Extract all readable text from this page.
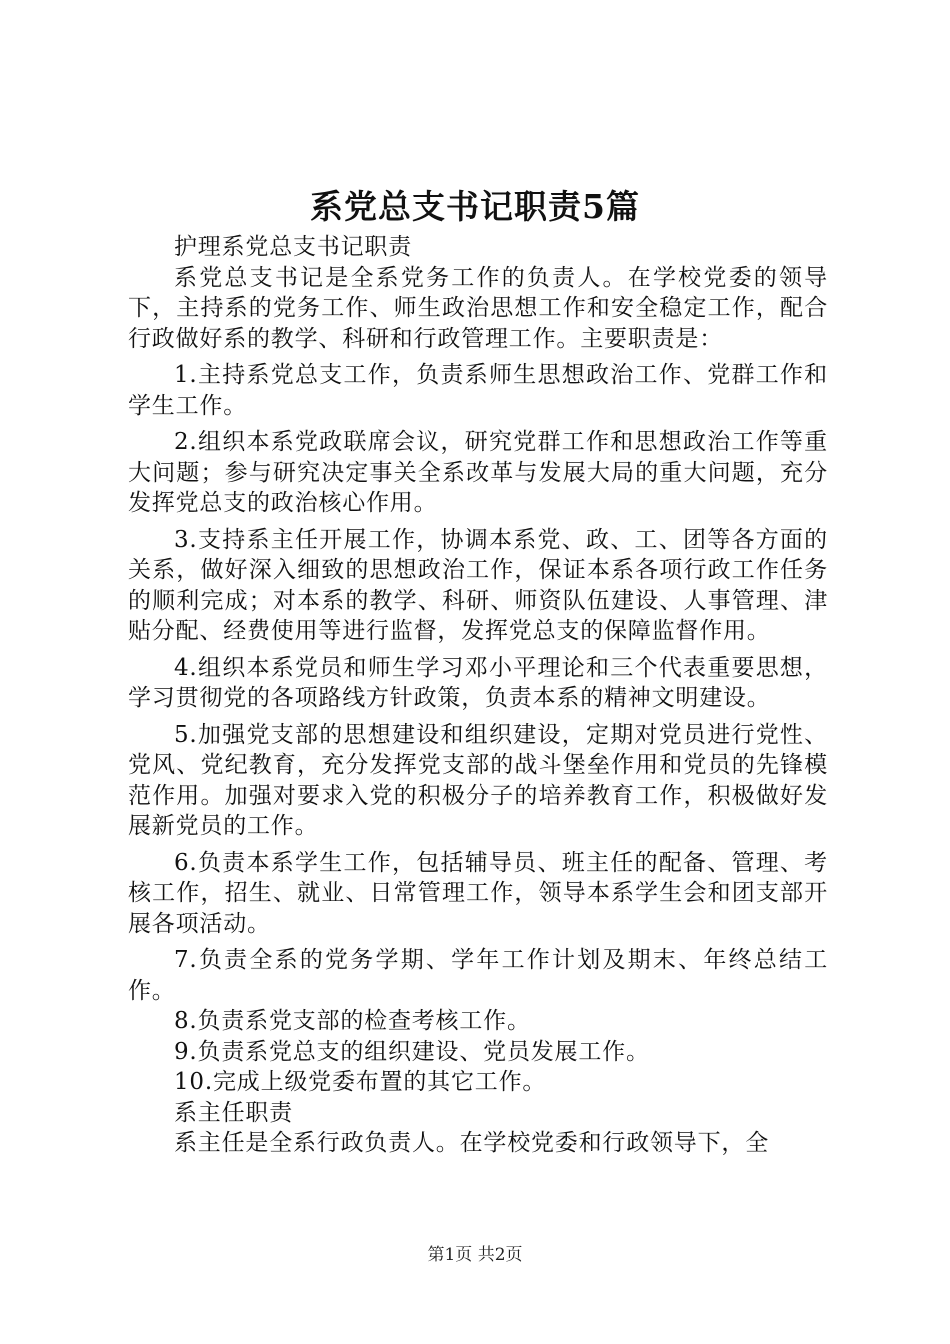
系党总支书记职责5篇

护理系党总支书记职责

系党总支书记是全系党务工作的负责人。在学校党委的领导下，主持系的党务工作、师生政治思想工作和安全稳定工作，配合行政做好系的教学、科研和行政管理工作。主要职责是：

1.主持系党总支工作，负责系师生思想政治工作、党群工作和学生工作。

2.组织本系党政联席会议，研究党群工作和思想政治工作等重大问题；参与研究决定事关全系改革与发展大局的重大问题，充分发挥党总支的政治核心作用。

3.支持系主任开展工作，协调本系党、政、工、团等各方面的关系，做好深入细致的思想政治工作，保证本系各项行政工作任务的顺利完成；对本系的教学、科研、师资队伍建设、人事管理、津贴分配、经费使用等进行监督，发挥党总支的保障监督作用。

4.组织本系党员和师生学习邓小平理论和三个代表重要思想，学习贯彻党的各项路线方针政策，负责本系的精神文明建设。

5.加强党支部的思想建设和组织建设，定期对党员进行党性、党风、党纪教育，充分发挥党支部的战斗堡垒作用和党员的先锋模范作用。加强对要求入党的积极分子的培养教育工作，积极做好发展新党员的工作。

6.负责本系学生工作，包括辅导员、班主任的配备、管理、考核工作，招生、就业、日常管理工作，领导本系学生会和团支部开展各项活动。

7.负责全系的党务学期、学年工作计划及期末、年终总结工作。

8.负责系党支部的检查考核工作。

9.负责系党总支的组织建设、党员发展工作。

10.完成上级党委布置的其它工作。

系主任职责

系主任是全系行政负责人。在学校党委和行政领导下，全

第1页 共2页
